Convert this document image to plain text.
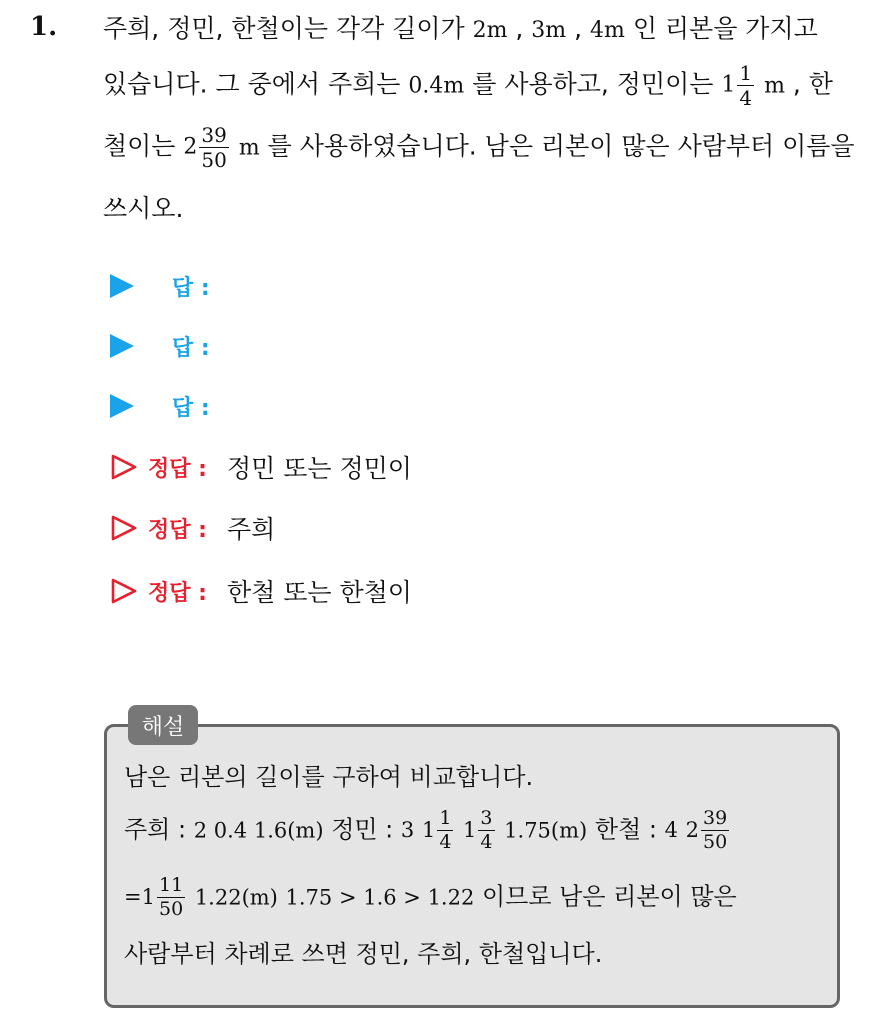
1. 주희, 정민, 한철이는 각각 길이가 2m , 3m , 4m 인 리본을 가지고
있습니다. 그 중에서 주희는 0.4m 를 사용하고, 정민이는 $1 \frac{1}{4}$ m , 한
철이는 $2 \frac{39}{50}$ m 를 사용하였습니다. 남은 리본이 많은 사람부터 이름을
쓰시오.
답 :
답 :
답 :
정답 : 정민 또는 정민이
정답 : 주희
정답 : 한철 또는 한철이
해설
남은 리본의 길이를 구하여 비교합니다.
주희 : 2 0.4 1.6(m) 정민 : 3 $1 \frac{1}{4} 1 \frac{3}{4} 1.75(m)$ 한철 : 4 $2 \frac{39}{50}$
$=1 \frac{11}{50} 1.22(m) 1.75 > 1.6 > 1.22$ 이므로 남은 리본이 많은
사람부터 차례로 쓰면 정민, 주희, 한철입니다.
